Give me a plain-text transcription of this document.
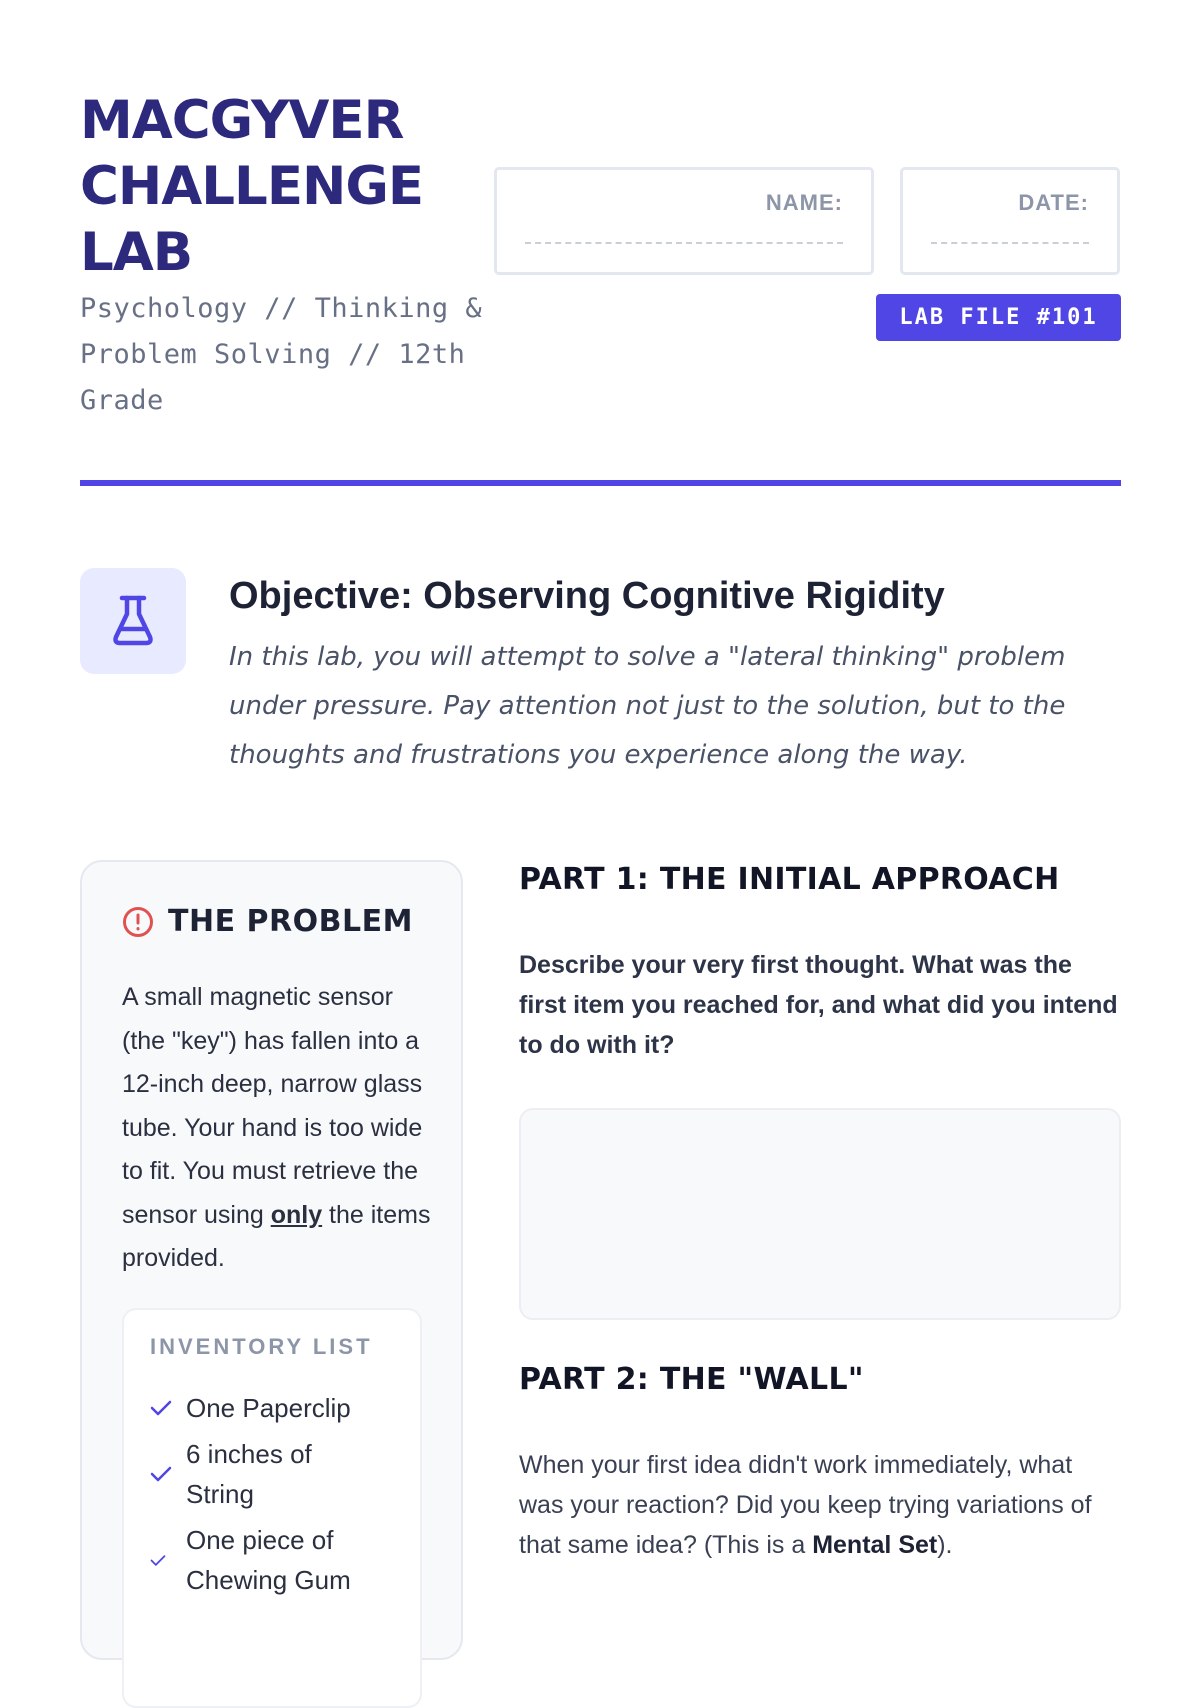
MACGYVER
CHALLENGE
LAB

Psychology // Thinking & Problem Solving // 12th Grade

NAME:	DATE:
LAB FILE #101
Objective: Observing Cognitive Rigidity

In this lab, you will attempt to solve a "lateral thinking" problem under pressure. Pay attention not just to the solution, but to the thoughts and frustrations you experience along the way.

THE PROBLEM

A small magnetic sensor (the "key") has fallen into a 12-inch deep, narrow glass tube. Your hand is too wide to fit. You must retrieve the sensor using only the items provided.

INVENTORY LIST
One Paperclip
6 inches of String
One piece of Chewing Gum
PART 1: THE INITIAL APPROACH

Describe your very first thought. What was the first item you reached for, and what did you intend to do with it?

PART 2: THE "WALL"

When your first idea didn't work immediately, what was your reaction? Did you keep trying variations of that same idea? (This is a Mental Set).
